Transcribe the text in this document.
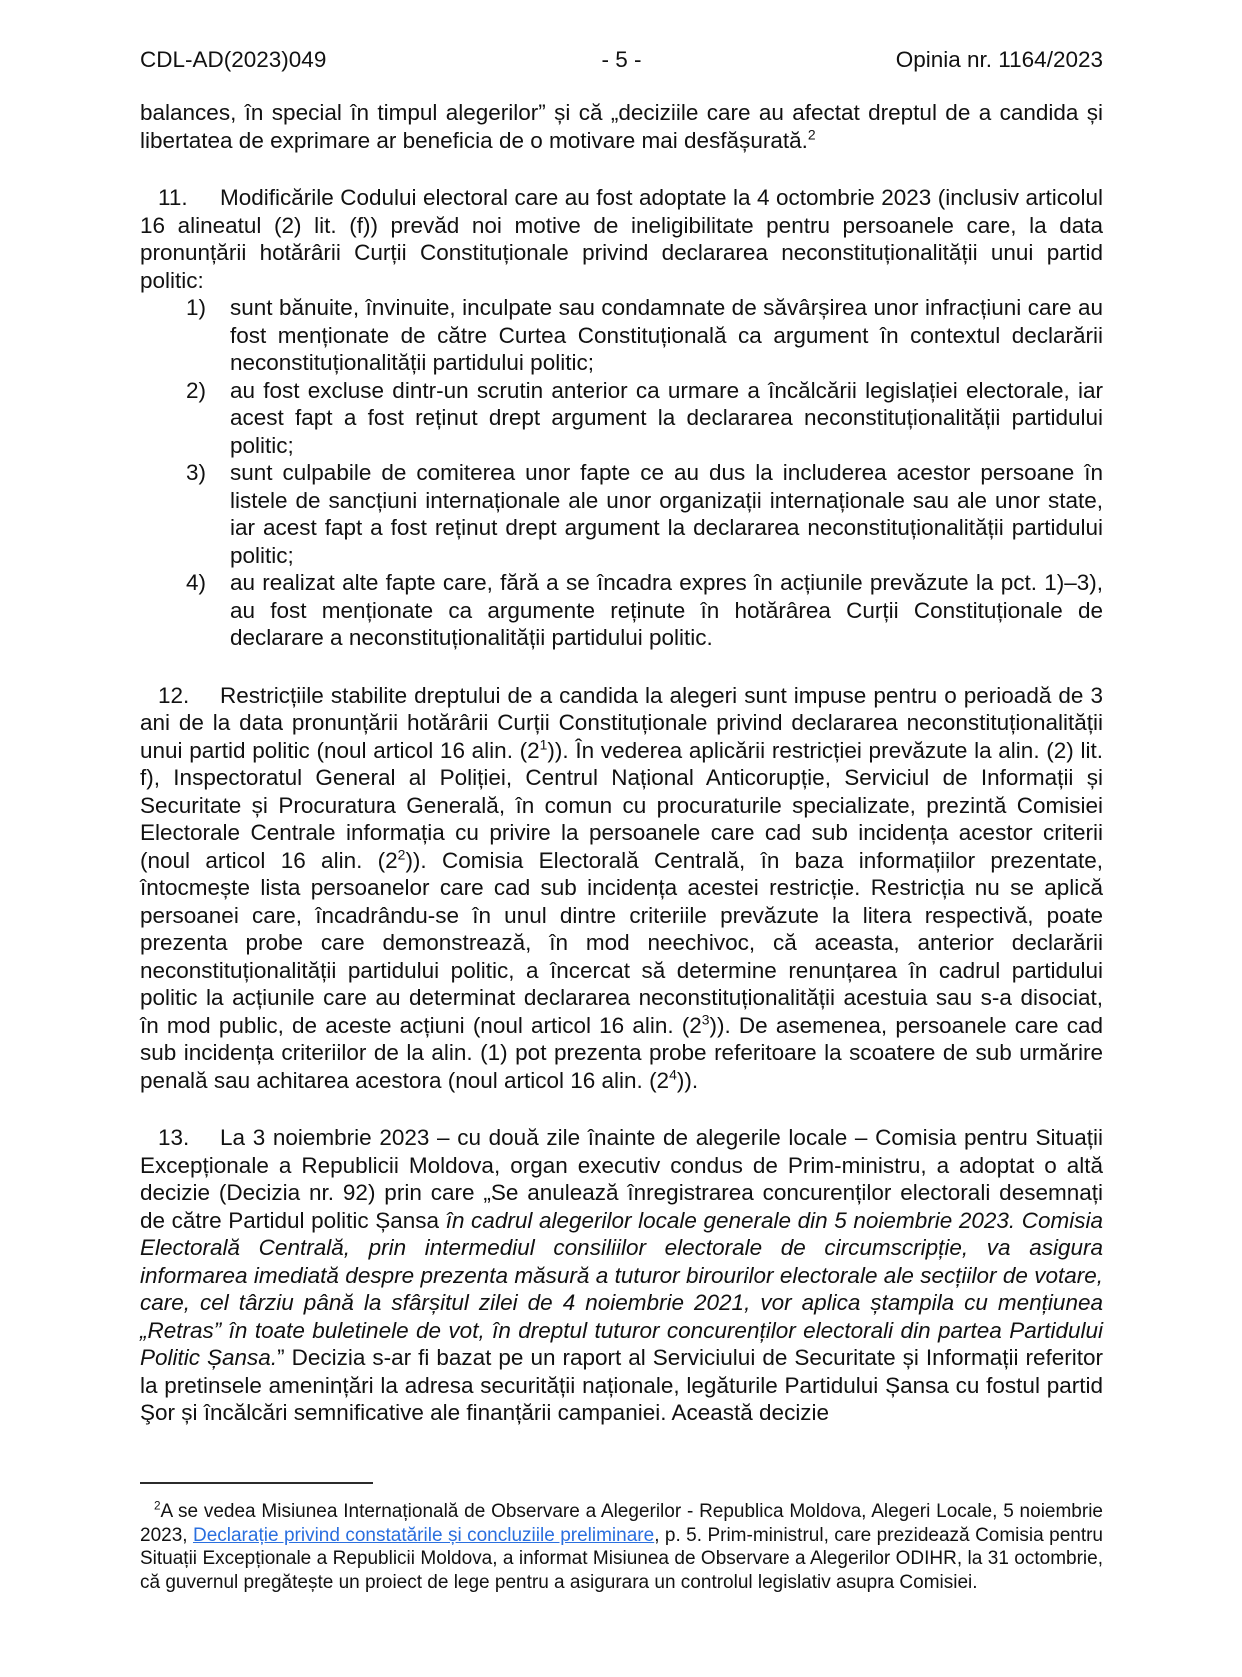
CDL-AD(2023)049	- 5 -	Opinia nr. 1164/2023

balances, în special în timpul alegerilor” și că „deciziile care au afectat dreptul de a candida și libertatea de exprimare ar beneficia de o motivare mai desfășurată.$^2$

11. Modificările Codului electoral care au fost adoptate la 4 octombrie 2023 (inclusiv articolul 16 alineatul (2) lit. (f)) prevăd noi motive de ineligibilitate pentru persoanele care, la data pronunțării hotărârii Curții Constituționale privind declararea neconstituționalității unui partid politic:

1)	sunt bănuite, învinuite, inculpate sau condamnate de săvârșirea unor infracțiuni care au fost menționate de către Curtea Constituțională ca argument în contextul declarării neconstituționalității partidului politic;
2)	au fost excluse dintr-un scrutin anterior ca urmare a încălcării legislației electorale, iar acest fapt a fost reținut drept argument la declararea neconstituționalității partidului politic;
3)	sunt culpabile de comiterea unor fapte ce au dus la includerea acestor persoane în listele de sancțiuni internaționale ale unor organizații internaționale sau ale unor state, iar acest fapt a fost reținut drept argument la declararea neconstituționalității partidului politic;
4)	au realizat alte fapte care, fără a se încadra expres în acțiunile prevăzute la pct. 1)–3), au fost menționate ca argumente reținute în hotărârea Curții Constituționale de declarare a neconstituționalității partidului politic.

12. Restricțiile stabilite dreptului de a candida la alegeri sunt impuse pentru o perioadă de 3 ani de la data pronunțării hotărârii Curții Constituționale privind declararea neconstituționalității unui partid politic (noul articol 16 alin. $(2^1)$). În vederea aplicării restricției prevăzute la alin. (2) lit. f), Inspectoratul General al Poliției, Centrul Național Anticorupție, Serviciul de Informații și Securitate și Procuratura Generală, în comun cu procuraturile specializate, prezintă Comisiei Electorale Centrale informația cu privire la persoanele care cad sub incidența acestor criterii (noul articol 16 alin. $(2^2)$). Comisia Electorală Centrală, în baza informațiilor prezentate, întocmește lista persoanelor care cad sub incidența acestei restricție. Restricția nu se aplică persoanei care, încadrându-se în unul dintre criteriile prevăzute la litera respectivă, poate prezenta probe care demonstrează, în mod neechivoc, că aceasta, anterior declarării neconstituționalității partidului politic, a încercat să determine renunțarea în cadrul partidului politic la acțiunile care au determinat declararea neconstituționalității acestuia sau s-a disociat, în mod public, de aceste acțiuni (noul articol 16 alin. $(2^3)$). De asemenea, persoanele care cad sub incidența criteriilor de la alin. (1) pot prezenta probe referitoare la scoatere de sub urmărire penală sau achitarea acestora (noul articol 16 alin. $(2^4)$).

13. La 3 noiembrie 2023 – cu două zile înainte de alegerile locale – Comisia pentru Situații Excepționale a Republicii Moldova, organ executiv condus de Prim-ministru, a adoptat o altă decizie (Decizia nr. 92) prin care „Se anulează înregistrarea concurenților electorali desemnați de către Partidul politic Șansa în cadrul alegerilor locale generale din 5 noiembrie 2023. Comisia Electorală Centrală, prin intermediul consiliilor electorale de circumscripție, va asigura informarea imediată despre prezenta măsură a tuturor birourilor electorale ale secțiilor de votare, care, cel târziu până la sfârșitul zilei de 4 noiembrie 2021, vor aplica ștampila cu mențiunea „Retras” în toate buletinele de vot, în dreptul tuturor concurenților electorali din partea Partidului Politic Șansa.” Decizia s-ar fi bazat pe un raport al Serviciului de Securitate și Informații referitor la pretinsele amenințări la adresa securității naționale, legăturile Partidului Șansa cu fostul partid Şor și încălcări semnificative ale finanțării campaniei. Această decizie

$^2$A se vedea Misiunea Internațională de Observare a Alegerilor - Republica Moldova, Alegeri Locale, 5 noiembrie 2023, Declarație privind constatările și concluziile preliminare, p. 5. Prim-ministrul, care prezidează Comisia pentru Situații Excepționale a Republicii Moldova, a informat Misiunea de Observare a Alegerilor ODIHR, la 31 octombrie, că guvernul pregătește un proiect de lege pentru a asigurara un controlul legislativ asupra Comisiei.
